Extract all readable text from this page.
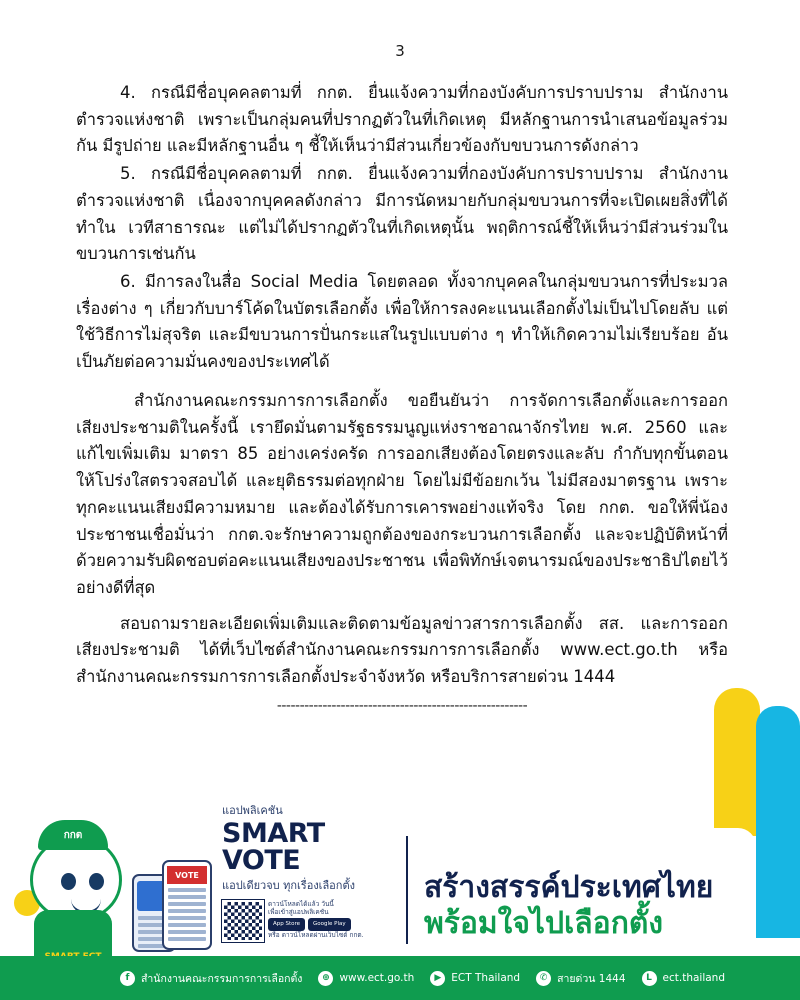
3

4. กรณีมีชื่อบุคคลตามที่ กกต. ยื่นแจ้งความที่กองบังคับการปราบปราม สำนักงานตำรวจแห่งชาติ เพราะเป็นกลุ่มคนที่ปรากฏตัวในที่เกิดเหตุ มีหลักฐานการนำเสนอข้อมูลร่วมกัน มีรูปถ่าย และมีหลักฐานอื่น ๆ ชี้ให้เห็นว่ามีส่วนเกี่ยวข้องกับขบวนการดังกล่าว

5. กรณีมีชื่อบุคคลตามที่ กกต. ยื่นแจ้งความที่กองบังคับการปราบปราม สำนักงานตำรวจแห่งชาติ เนื่องจากบุคคลดังกล่าว มีการนัดหมายกับกลุ่มขบวนการที่จะเปิดเผยสิ่งที่ได้ทำใน เวทีสาธารณะ แต่ไม่ได้ปรากฏตัวในที่เกิดเหตุนั้น พฤติการณ์ชี้ให้เห็นว่ามีส่วนร่วมในขบวนการเช่นกัน

6. มีการลงในสื่อ Social Media โดยตลอด ทั้งจากบุคคลในกลุ่มขบวนการที่ประมวลเรื่องต่าง ๆ เกี่ยวกับบาร์โค้ดในบัตรเลือกตั้ง เพื่อให้การลงคะแนนเลือกตั้งไม่เป็นไปโดยลับ แต่ใช้วิธีการไม่สุจริต และมีขบวนการปั่นกระแสในรูปแบบต่าง ๆ ทำให้เกิดความไม่เรียบร้อย อันเป็นภัยต่อความมั่นคงของประเทศได้

สำนักงานคณะกรรมการการเลือกตั้ง ขอยืนยันว่า การจัดการเลือกตั้งและการออกเสียงประชามติในครั้งนี้ เรายึดมั่นตามรัฐธรรมนูญแห่งราชอาณาจักรไทย พ.ศ. 2560 และแก้ไขเพิ่มเติม มาตรา 85 อย่างเคร่งครัด การออกเสียงต้องโดยตรงและลับ กำกับทุกขั้นตอนให้โปร่งใสตรวจสอบได้ และยุติธรรมต่อทุกฝ่าย โดยไม่มีข้อยกเว้น ไม่มีสองมาตรฐาน เพราะทุกคะแนนเสียงมีความหมาย และต้องได้รับการเคารพอย่างแท้จริง โดย กกต. ขอให้พี่น้องประชาชนเชื่อมั่นว่า กกต.จะรักษาความถูกต้องของกระบวนการเลือกตั้ง และจะปฏิบัติหน้าที่ด้วยความรับผิดชอบต่อคะแนนเสียงของประชาชน เพื่อพิทักษ์เจตนารมณ์ของประชาธิปไตยไว้อย่างดีที่สุด

สอบถามรายละเอียดเพิ่มเติมและติดตามข้อมูลข่าวสารการเลือกตั้ง สส. และการออกเสียงประชามติ ได้ที่เว็บไซต์สำนักงานคณะกรรมการการเลือกตั้ง www.ect.go.th หรือสำนักงานคณะกรรมการการเลือกตั้งประจำจังหวัด หรือบริการสายด่วน 1444

-------------------------------------------------------

กกต
VOTE
แอปพลิเคชัน
SMART VOTE
แอปเดียวจบ ทุกเรื่องเลือกตั้ง
ดาวน์โหลดได้แล้ว วันนี้
เพื่อเข้าสู่แอปพลิเคชัน
App Store	Google Play
หรือ ดาวน์โหลดผ่านเว็บไซต์ กกต.
สร้างสรรค์ประเทศไทย
พร้อมใจไปเลือกตั้ง
f	สำนักงานคณะกรรมการการเลือกตั้ง	⊕ www.ect.go.th	▶ ECT Thailand	✆ สายด่วน 1444	L	ect.thailand
